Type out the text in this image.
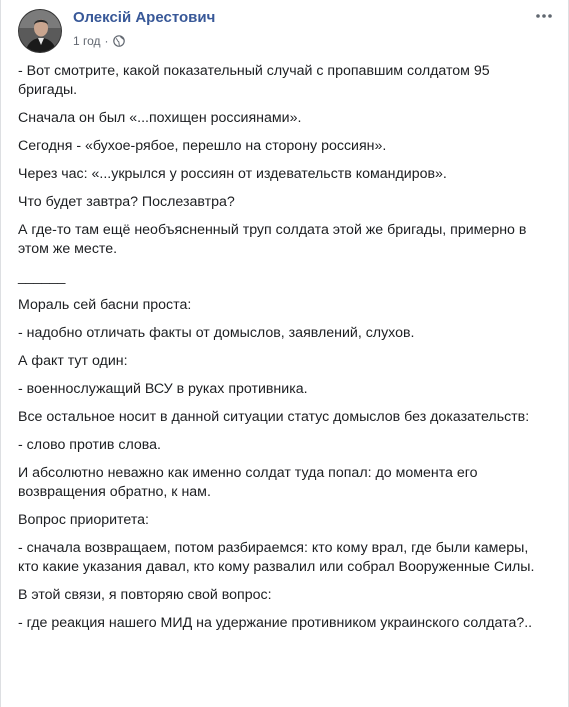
Олексій Арестович
1 год ·

- Вот смотрите, какой показательный случай с пропавшим солдатом 95 бригады.

Сначала он был «...похищен россиянами».

Сегодня - «бухое-рябое, перешло на сторону россиян».

Через час: «...укрылся у россиян от издевательств командиров».

Что будет завтра? Послезавтра?

А где-то там ещё необъясненный труп солдата этой же бригады, примерно в этом же месте.

______

Мораль сей басни проста:

- надобно отличать факты от домыслов, заявлений, слухов.

А факт тут один:

- военнослужащий ВСУ в руках противника.

Все остальное носит в данной ситуации статус домыслов без доказательств:

- слово против слова.

И абсолютно неважно как именно солдат туда попал: до момента его возвращения обратно, к нам.

Вопрос приоритета:

- сначала возвращаем, потом разбираемся: кто кому врал, где были камеры, кто какие указания давал, кто кому развалил или собрал Вооруженные Силы.

В этой связи, я повторяю свой вопрос:

- где реакция нашего МИД на удержание противником украинского солдата?..
